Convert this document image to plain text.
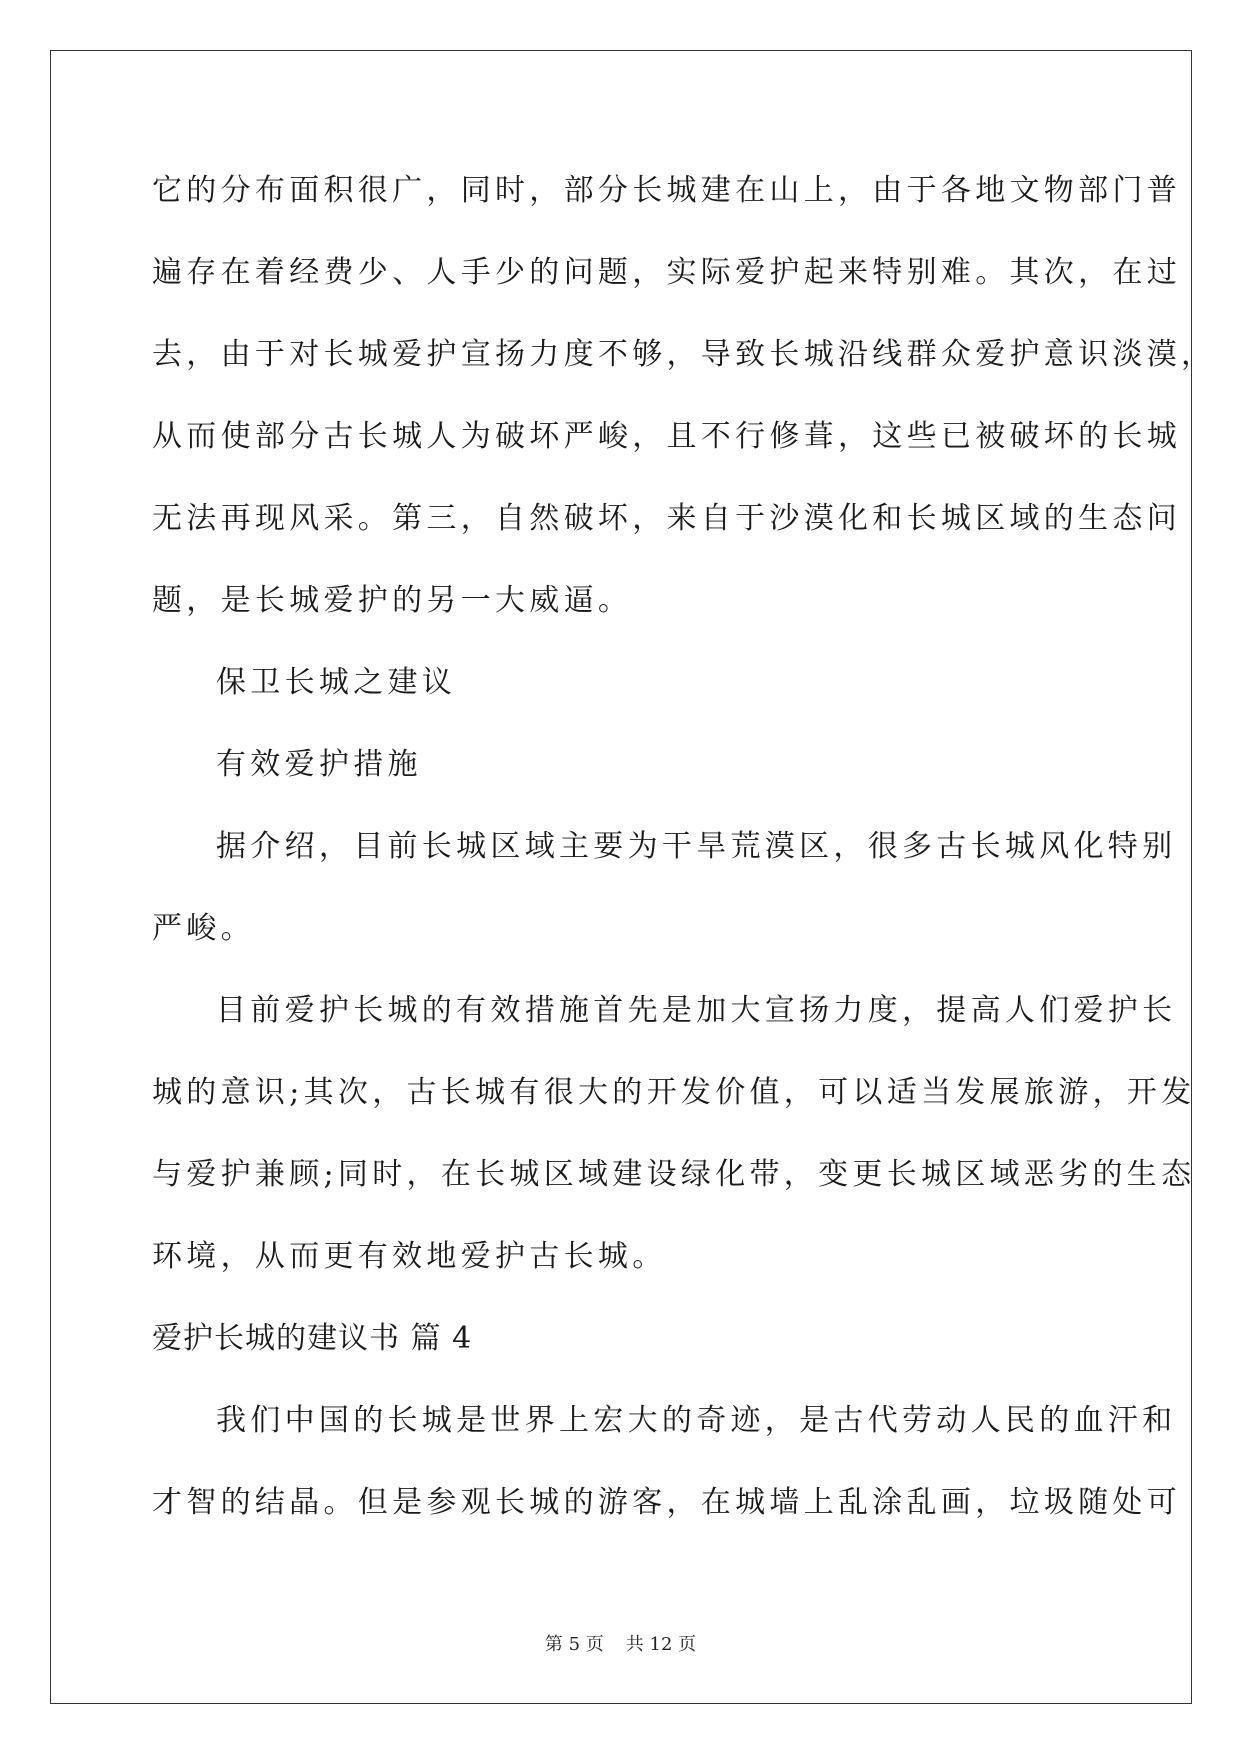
它的分布面积很广，同时，部分长城建在山上，由于各地文物部门普

遍存在着经费少、人手少的问题，实际爱护起来特别难。其次，在过

去，由于对长城爱护宣扬力度不够，导致长城沿线群众爱护意识淡漠，

从而使部分古长城人为破坏严峻，且不行修葺，这些已被破坏的长城

无法再现风采。第三，自然破坏，来自于沙漠化和长城区域的生态问

题，是长城爱护的另一大威逼。

保卫长城之建议

有效爱护措施

据介绍，目前长城区域主要为干旱荒漠区，很多古长城风化特别

严峻。

目前爱护长城的有效措施首先是加大宣扬力度，提高人们爱护长

城的意识;其次，古长城有很大的开发价值，可以适当发展旅游，开发

与爱护兼顾;同时，在长城区域建设绿化带，变更长城区域恶劣的生态

环境，从而更有效地爱护古长城。

爱护长城的建议书 篇 4

我们中国的长城是世界上宏大的奇迹，是古代劳动人民的血汗和

才智的结晶。但是参观长城的游客，在城墙上乱涂乱画，垃圾随处可

第 5 页 共 12 页
